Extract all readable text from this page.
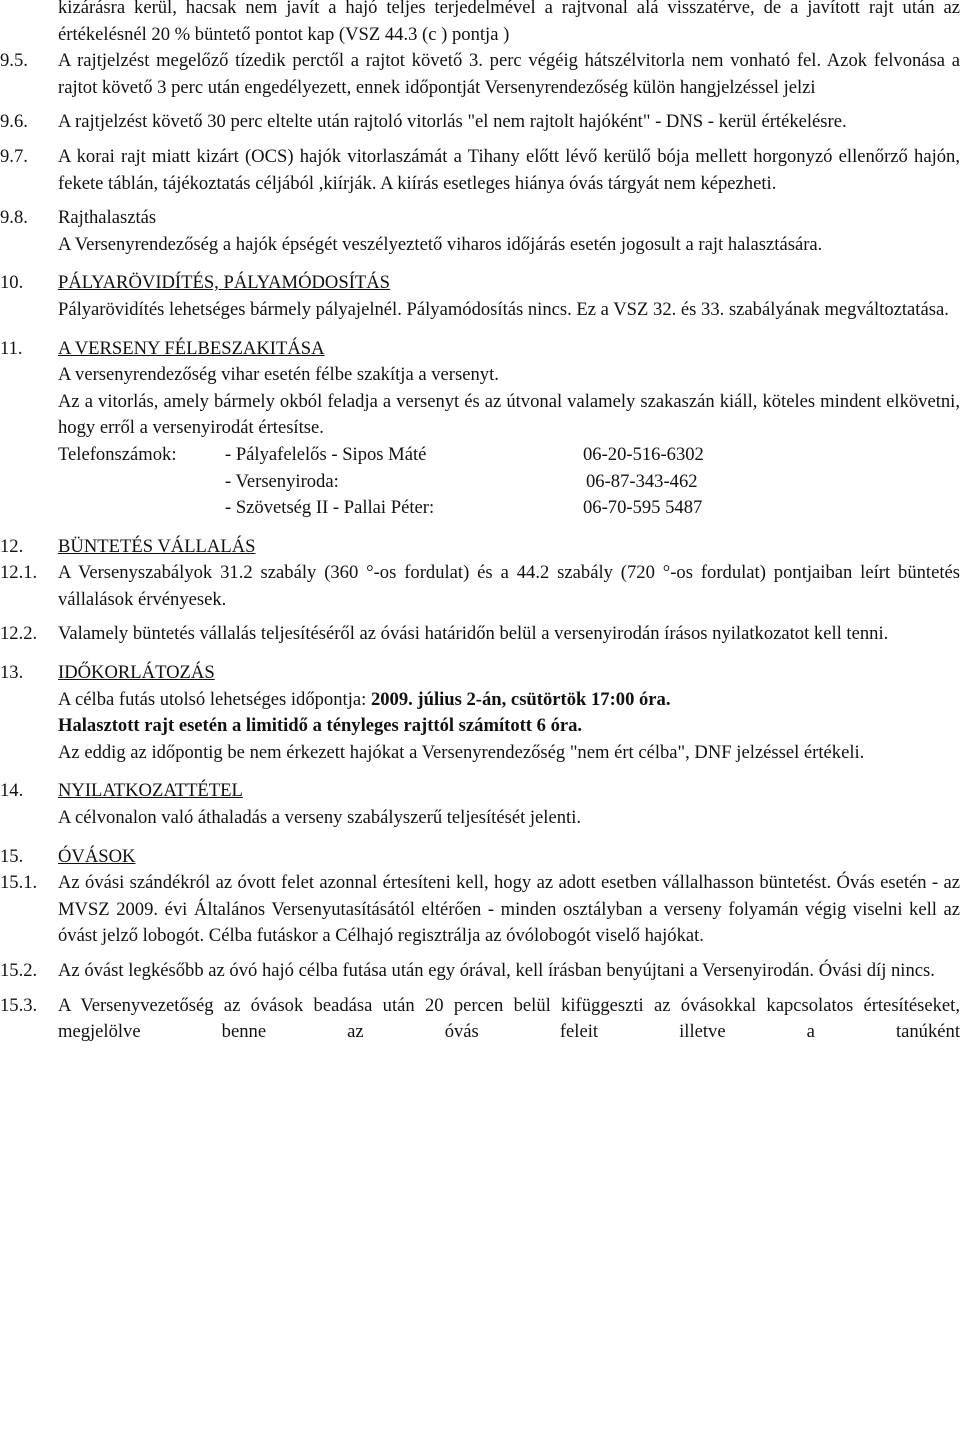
kizárásra kerül, hacsak nem javít a hajó teljes terjedelmével a rajtvonal alá visszatérve, de a javított rajt után az értékelésnél 20 % büntető pontot kap (VSZ 44.3 (c ) pontja )

9.5. A rajtjelzést megelőző tízedik perctől a rajtot követő 3. perc végéig hátszélvitorla nem vonható fel. Azok felvonása a rajtot követő 3 perc után engedélyezett, ennek időpontját Versenyrendezőség külön hangjelzéssel jelzi

9.6. A rajtjelzést követő 30 perc eltelte után rajtoló vitorlás "el nem rajtolt hajóként" - DNS - kerül értékelésre.

9.7. A korai rajt miatt kizárt (OCS) hajók vitorlaszámát a Tihany előtt lévő kerülő bója mellett horgonyzó ellenőrző hajón, fekete táblán, tájékoztatás céljából ,kiírják. A kiírás esetleges hiánya óvás tárgyát nem képezheti.

9.8. Rajthalasztás

A Versenyrendezőség a hajók épségét veszélyeztető viharos időjárás esetén jogosult a rajt halasztására.

10. PÁLYARÖVIDÍTÉS, PÁLYAMÓDOSÍTÁS

Pályarövidítés lehetséges bármely pályajelnél. Pályamódosítás nincs. Ez a VSZ 32. és 33. szabályának megváltoztatása.

11. A VERSENY FÉLBESZAKITÁSA

A versenyrendezőség vihar esetén félbe szakítja a versenyt.

Az a vitorlás, amely bármely okból feladja a versenyt és az útvonal valamely szakaszán kiáll, köteles mindent elkövetni, hogy erről a versenyirodát értesítse.

Telefonszámok:	- Pályafelelős - Sipos Máté	06-20-516-6302
- Versenyiroda:	06-87-343-462
- Szövetség II - Pallai Péter:	06-70-595 5487
12. BÜNTETÉS VÁLLALÁS

12.1. A Versenyszabályok 31.2 szabály (360 °-os fordulat) és a 44.2 szabály (720 °-os fordulat) pontjaiban leírt büntetés vállalások érvényesek.

12.2. Valamely büntetés vállalás teljesítéséről az óvási határidőn belül a versenyirodán írásos nyilatkozatot kell tenni.

13. IDŐKORLÁTOZÁS

A célba futás utolsó lehetséges időpontja: 2009. július 2-án, csütörtök 17:00 óra.

Halasztott rajt esetén a limitidő a tényleges rajttól számított 6 óra.

Az eddig az időpontig be nem érkezett hajókat a Versenyrendezőség "nem ért célba", DNF jelzéssel értékeli.

14. NYILATKOZATTÉTEL

A célvonalon való áthaladás a verseny szabályszerű teljesítését jelenti.

15. ÓVÁSOK

15.1. Az óvási szándékról az óvott felet azonnal értesíteni kell, hogy az adott esetben vállalhasson büntetést. Óvás esetén - az MVSZ 2009. évi Általános Versenyutasításától eltérően - minden osztályban a verseny folyamán végig viselni kell az óvást jelző lobogót. Célba futáskor a Célhajó regisztrálja az óvólobogót viselő hajókat.

15.2. Az óvást legkésőbb az óvó hajó célba futása után egy órával, kell írásban benyújtani a Versenyirodán. Óvási díj nincs.

15.3. A Versenyvezetőség az óvások beadása után 20 percen belül kifüggeszti az óvásokkal kapcsolatos értesítéseket, megjelölve benne az óvás feleit illetve a tanúként
